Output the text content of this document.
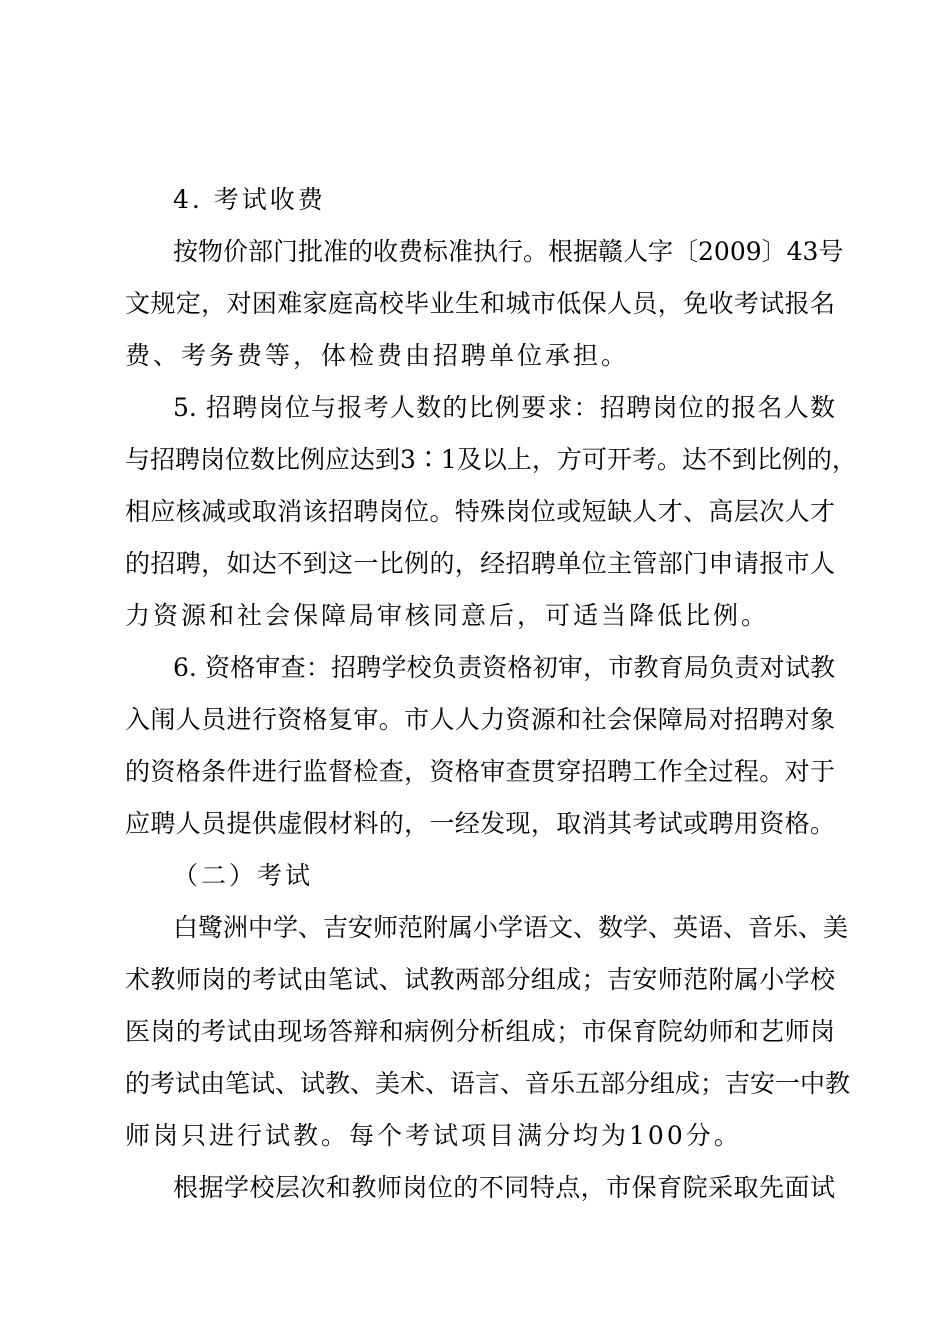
4. 考试收费
按物价部门批准的收费标准执行。根据赣人字〔2009〕43号
文规定，对困难家庭高校毕业生和城市低保人员，免收考试报名
费、考务费等，体检费由招聘单位承担。
5. 招聘岗位与报考人数的比例要求：招聘岗位的报名人数
与招聘岗位数比例应达到3∶1及以上，方可开考。达不到比例的，
相应核减或取消该招聘岗位。特殊岗位或短缺人才、高层次人才
的招聘，如达不到这一比例的，经招聘单位主管部门申请报市人
力资源和社会保障局审核同意后，可适当降低比例。
6. 资格审查：招聘学校负责资格初审，市教育局负责对试教
入闱人员进行资格复审。市人人力资源和社会保障局对招聘对象
的资格条件进行监督检查，资格审查贯穿招聘工作全过程。对于
应聘人员提供虚假材料的，一经发现，取消其考试或聘用资格。
（二）考试
白鹭洲中学、吉安师范附属小学语文、数学、英语、音乐、美
术教师岗的考试由笔试、试教两部分组成；吉安师范附属小学校
医岗的考试由现场答辩和病例分析组成；市保育院幼师和艺师岗
的考试由笔试、试教、美术、语言、音乐五部分组成；吉安一中教
师岗只进行试教。每个考试项目满分均为100分。
根据学校层次和教师岗位的不同特点，市保育院采取先面试
